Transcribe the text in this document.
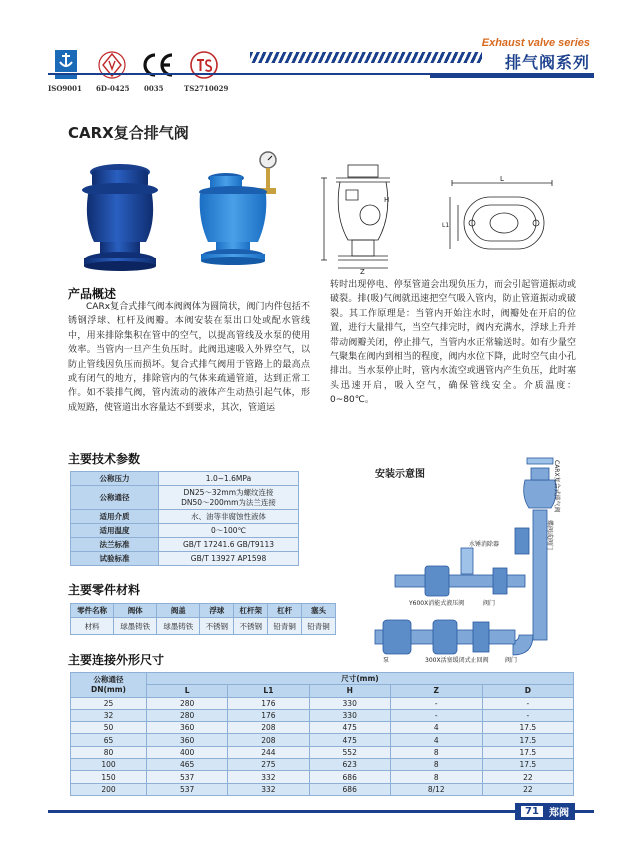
ISO9001	6D-0425	0035	TS2710029
Exhaust valve series
排气阀系列
CARX复合排气阀
H
Z
L
L1
产品概述
CARx复合式排气阀本阀阀体为圆筒状，阀门内件包括不锈钢浮球、杠杆及阀瓣。本阀安装在泵出口处或配水管线中，用来排除集积在管中的空气，以提高管线及水泵的使用效率。当管内一旦产生负压时。此阀迅速吸入外界空气，以防止管线因负压而损坏。复合式排气阀用于管路上的最高点或有闭气的地方，排除管内的气体来疏通管道，达到正常工作。如不装排气阀，管内流动的液体产生动热引起气体，形成短路，使管道出水容量达不到要求，其次，管道运
转时出现停电、停泵管道会出现负压力，而会引起管道振动或破裂。排(吸)气阀就迅速把空气吸入管内，防止管道振动或破裂。其工作原理是：当管内开始注水时，阀瓣处在开启的位置，进行大量排气，当空气排完时，阀内充满水，浮球上升并带动阀瓣关闭，停止排气，当管内水正常输送时。如有少量空气聚集在阀内到相当的程度，阀内水位下降，此时空气由小孔排出。当水泵停止时，管内水流空或遇管内产生负压，此时塞头迅速开启，吸入空气，确保管线安全。介质温度：0~80℃。
主要技术参数
公称压力	1.0~1.6MPa
公称通径	DN25～32mm为螺纹连接
DN50～200mm为法兰连接

适用介质	水、油等非腐蚀性液体
适用温度	0～100℃
法兰标准	GB/T 17241.6 GB/T9113
试验标准	GB/T 13927 AP1598
主要零件材料
零件名称	阀体	阀盖	浮球	杠杆架	杠杆	塞头
材料	球墨铸铁	球墨铸铁	不锈钢	不锈钢	铅青铜	铅青铜
安装示意图	CARX复合式排气阀
蝶阀或阀门
水锤消除器
Y600X消能式液压阀	阀门
泵	300X活塞缓闭式止回阀	阀门
主要连接外形尺寸
公称通径
DN(mm)	尺寸(mm)				
	L	L1	H	Z	D
25	280	176	330	-	-
32	280	176	330	-	-
50	360	208	475	4	17.5
65	360	208	475	4	17.5
80	400	244	552	8	17.5
100	465	275	623	8	17.5
150	537	332	686	8	22
200	537	332	686	8/12	22
71	郑阀
